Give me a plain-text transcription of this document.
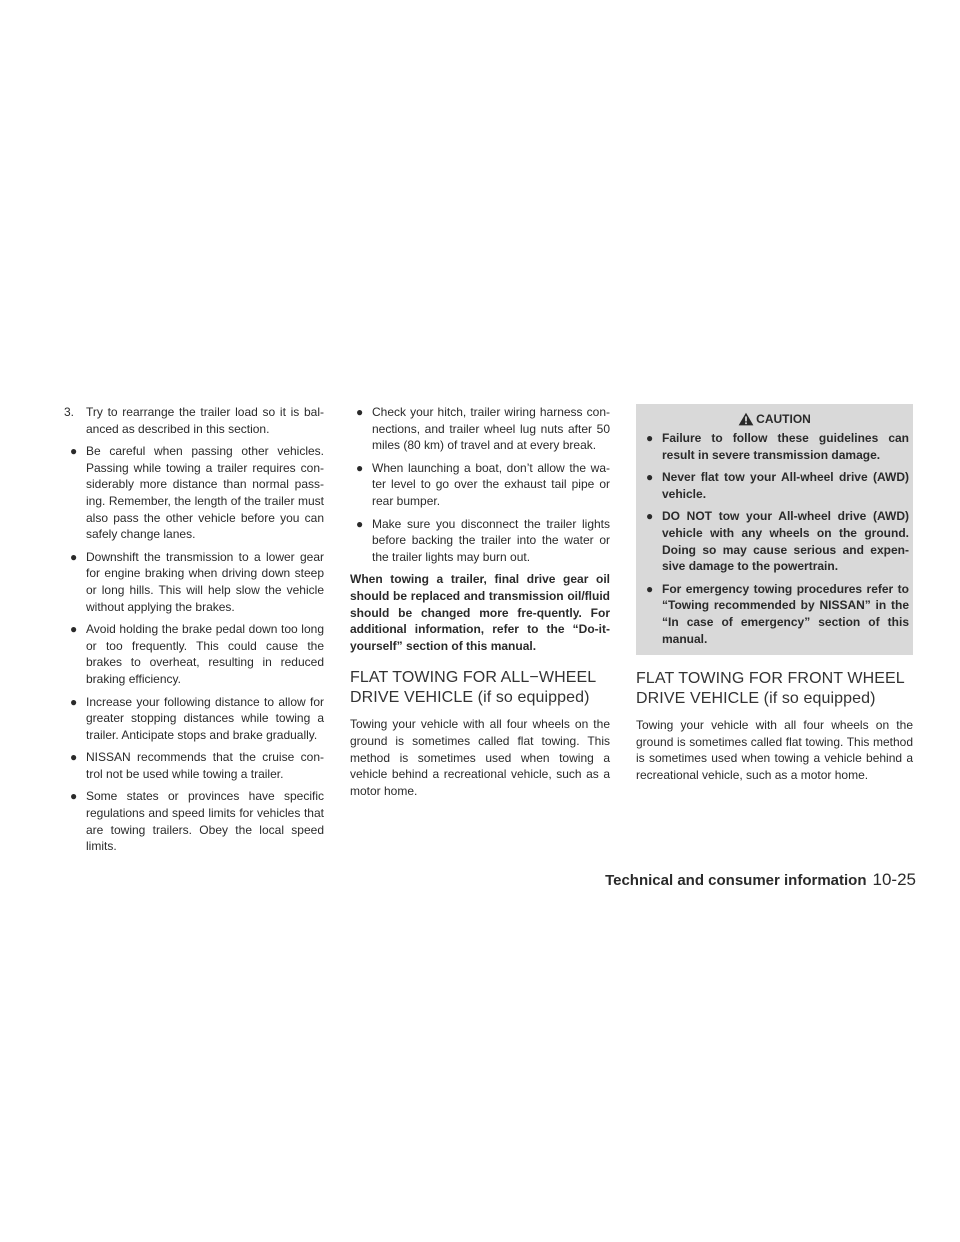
3. Try to rearrange the trailer load so it is bal-anced as described in this section.
● Be careful when passing other vehicles. Passing while towing a trailer requires con-siderably more distance than normal pass-ing. Remember, the length of the trailer must also pass the other vehicle before you can safely change lanes.
● Downshift the transmission to a lower gear for engine braking when driving down steep or long hills. This will help slow the vehicle without applying the brakes.
● Avoid holding the brake pedal down too long or too frequently. This could cause the brakes to overheat, resulting in reduced braking efficiency.
● Increase your following distance to allow for greater stopping distances while towing a trailer. Anticipate stops and brake gradually.
● NISSAN recommends that the cruise con-trol not be used while towing a trailer.
● Some states or provinces have specific regulations and speed limits for vehicles that are towing trailers. Obey the local speed limits.
● Check your hitch, trailer wiring harness con-nections, and trailer wheel lug nuts after 50 miles (80 km) of travel and at every break.
● When launching a boat, don’t allow the wa-ter level to go over the exhaust tail pipe or rear bumper.
● Make sure you disconnect the trailer lights before backing the trailer into the water or the trailer lights may burn out.

When towing a trailer, final drive gear oil should be replaced and transmission oil/fluid should be changed more fre-quently. For additional information, refer to the “Do-it-yourself” section of this manual.

FLAT TOWING FOR ALL−WHEEL DRIVE VEHICLE (if so equipped)

Towing your vehicle with all four wheels on the ground is sometimes called flat towing. This method is sometimes used when towing a vehicle behind a recreational vehicle, such as a motor home.

CAUTION
● Failure to follow these guidelines can result in severe transmission damage.
● Never flat tow your All-wheel drive (AWD) vehicle.
● DO NOT tow your All-wheel drive (AWD) vehicle with any wheels on the ground. Doing so may cause serious and expen-sive damage to the powertrain.
● For emergency towing procedures refer to “Towing recommended by NISSAN” in the “In case of emergency” section of this manual.
FLAT TOWING FOR FRONT WHEEL DRIVE VEHICLE (if so equipped)

Towing your vehicle with all four wheels on the ground is sometimes called flat towing. This method is sometimes used when towing a vehicle behind a recreational vehicle, such as a motor home.

Technical and consumer information 10-25
